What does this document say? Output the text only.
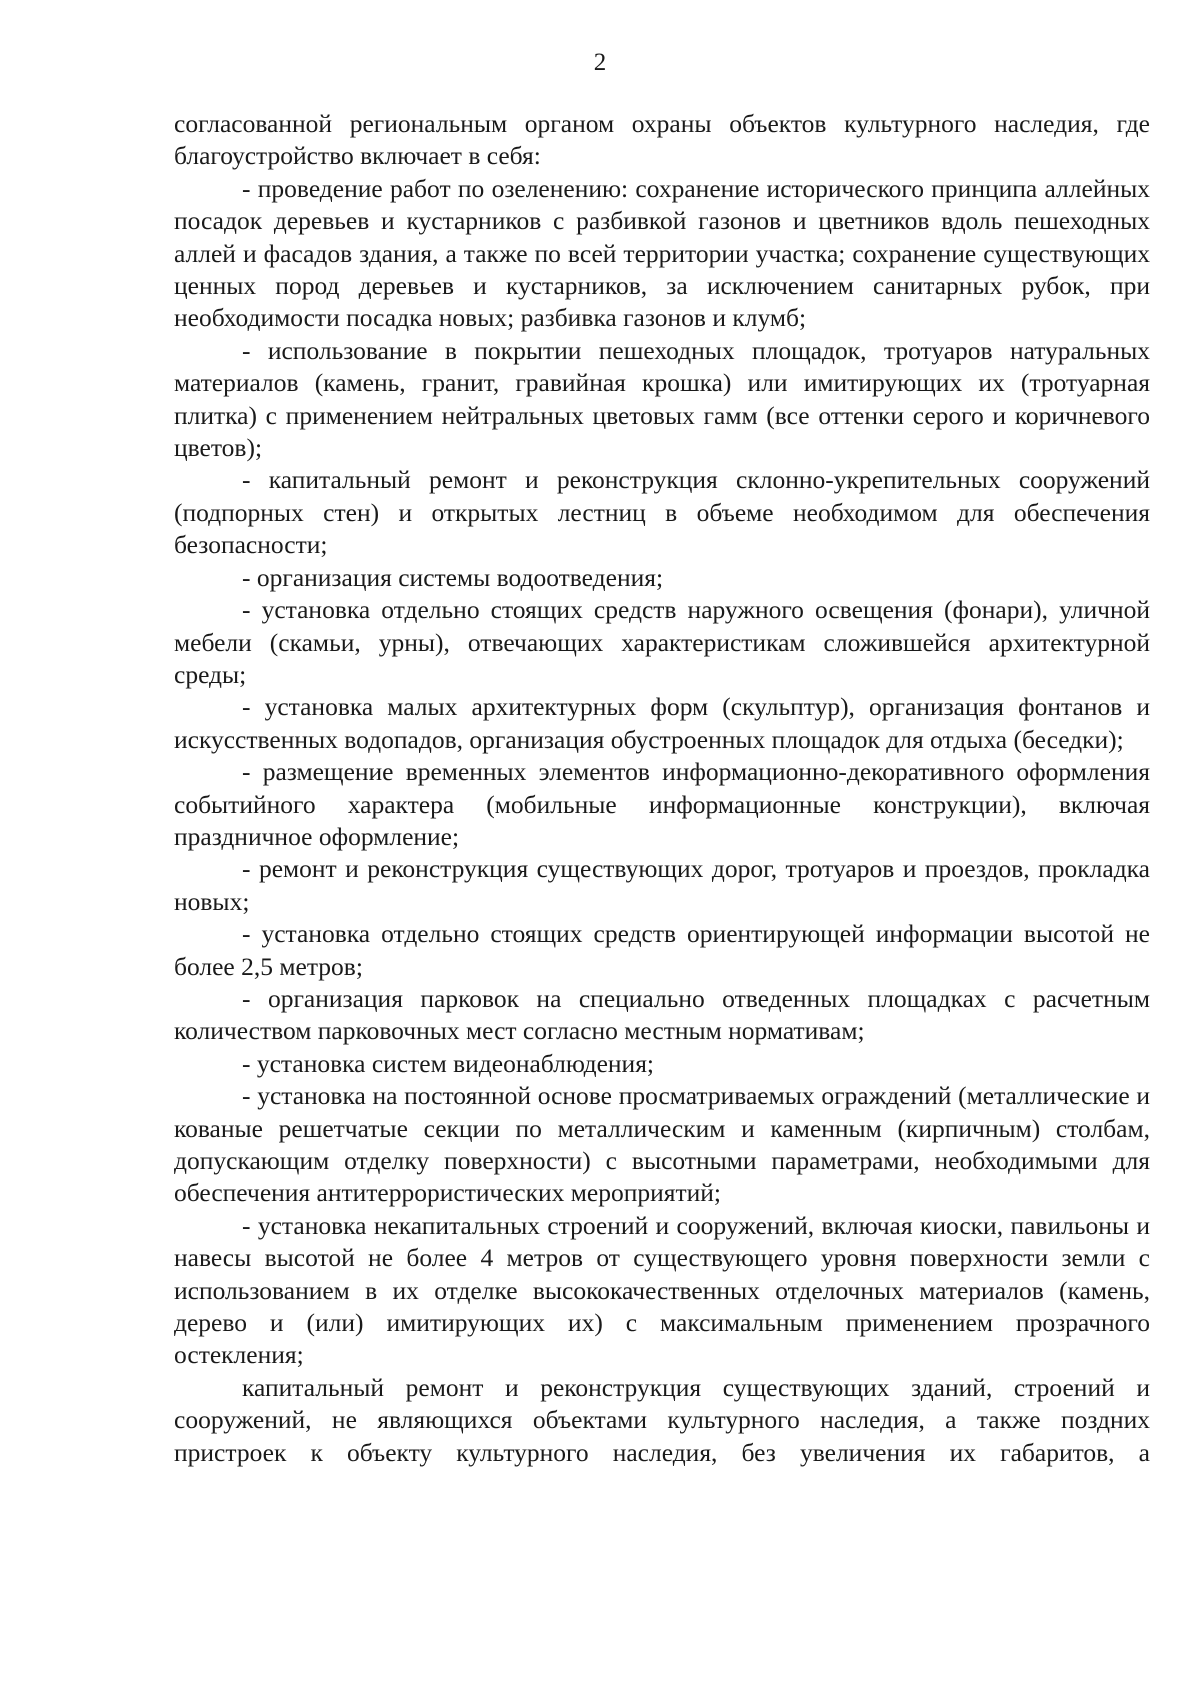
2

согласованной региональным органом охраны объектов культурного наследия, где благоустройство включает в себя:

- проведение работ по озеленению: сохранение исторического принципа аллейных посадок деревьев и кустарников с разбивкой газонов и цветников вдоль пешеходных аллей и фасадов здания, а также по всей территории участка; сохранение существующих ценных пород деревьев и кустарников, за исключением санитарных рубок, при необходимости посадка новых; разбивка газонов и клумб;

- использование в покрытии пешеходных площадок, тротуаров натуральных материалов (камень, гранит, гравийная крошка) или имитирующих их (тротуарная плитка) с применением нейтральных цветовых гамм (все оттенки серого и коричневого цветов);

- капитальный ремонт и реконструкция склонно-укрепительных сооружений (подпорных стен) и открытых лестниц в объеме необходимом для обеспечения безопасности;

- организация системы водоотведения;

- установка отдельно стоящих средств наружного освещения (фонари), уличной мебели (скамьи, урны), отвечающих характеристикам сложившейся архитектурной среды;

- установка малых архитектурных форм (скульптур), организация фонтанов и искусственных водопадов, организация обустроенных площадок для отдыха (беседки);

- размещение временных элементов информационно-декоративного оформления событийного характера (мобильные информационные конструкции), включая праздничное оформление;

- ремонт и реконструкция существующих дорог, тротуаров и проездов, прокладка новых;

- установка отдельно стоящих средств ориентирующей информации высотой не более 2,5 метров;

- организация парковок на специально отведенных площадках с расчетным количеством парковочных мест согласно местным нормативам;

- установка систем видеонаблюдения;

- установка на постоянной основе просматриваемых ограждений (металлические и кованые решетчатые секции по металлическим и каменным (кирпичным) столбам, допускающим отделку поверхности) с высотными параметрами, необходимыми для обеспечения антитеррористических мероприятий;

- установка некапитальных строений и сооружений, включая киоски, павильоны и навесы высотой не более 4 метров от существующего уровня поверхности земли с использованием в их отделке высококачественных отделочных материалов (камень, дерево и (или) имитирующих их) с максимальным применением прозрачного остекления;

капитальный ремонт и реконструкция существующих зданий, строений и сооружений, не являющихся объектами культурного наследия, а также поздних пристроек к объекту культурного наследия, без увеличения их габаритов, а
